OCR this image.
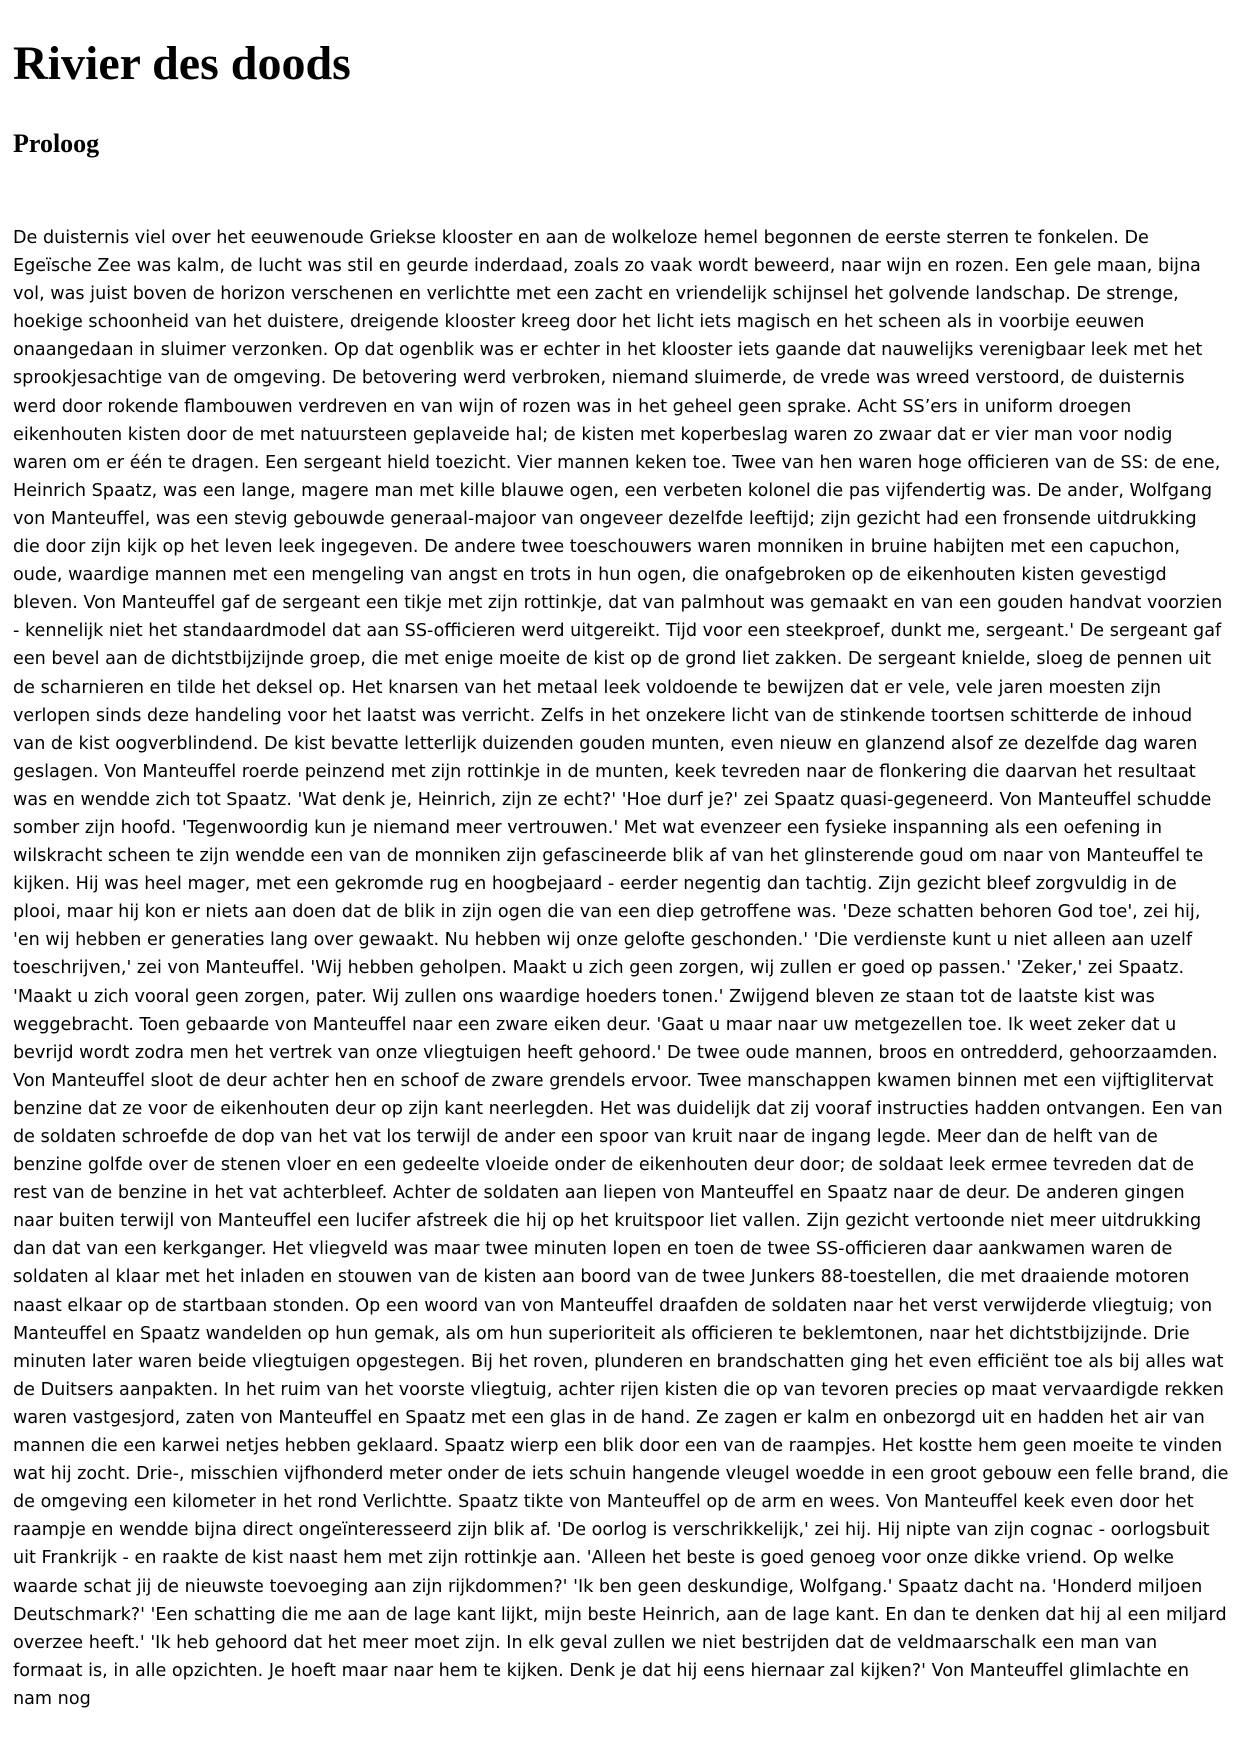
Rivier des doods
Proloog

De duisternis viel over het eeuwenoude Griekse klooster en aan de wolkeloze hemel begonnen de eerste sterren te fonkelen. De Egeïsche Zee was kalm, de lucht was stil en geurde inderdaad, zoals zo vaak wordt beweerd, naar wijn en rozen. Een gele maan, bijna vol, was juist boven de horizon verschenen en verlichtte met een zacht en vriendelijk schijnsel het golvende landschap. De strenge, hoekige schoonheid van het duistere, dreigende klooster kreeg door het licht iets magisch en het scheen als in voorbije eeuwen onaangedaan in sluimer verzonken. Op dat ogenblik was er echter in het klooster iets gaande dat nauwelijks verenigbaar leek met het sprookjesachtige van de omgeving. De betovering werd verbroken, niemand sluimerde, de vrede was wreed verstoord, de duisternis werd door rokende flambouwen verdreven en van wijn of rozen was in het geheel geen sprake. Acht SS’ers in uniform droegen eikenhouten kisten door de met natuursteen geplaveide hal; de kisten met koperbeslag waren zo zwaar dat er vier man voor nodig waren om er één te dragen. Een sergeant hield toezicht. Vier mannen keken toe. Twee van hen waren hoge officieren van de SS: de ene, Heinrich Spaatz, was een lange, magere man met kille blauwe ogen, een verbeten kolonel die pas vijfendertig was. De ander, Wolfgang von Manteuffel, was een stevig gebouwde generaal-majoor van ongeveer dezelfde leeftijd; zijn gezicht had een fronsende uitdrukking die door zijn kijk op het leven leek ingegeven. De andere twee toeschouwers waren monniken in bruine habijten met een capuchon, oude, waardige mannen met een mengeling van angst en trots in hun ogen, die onafgebroken op de eikenhouten kisten gevestigd bleven. Von Manteuffel gaf de sergeant een tikje met zijn rottinkje, dat van palmhout was gemaakt en van een gouden handvat voorzien - kennelijk niet het standaardmodel dat aan SS-officieren werd uitgereikt. Tijd voor een steekproef, dunkt me, sergeant.' De sergeant gaf een bevel aan de dichtstbijzijnde groep, die met enige moeite de kist op de grond liet zakken. De sergeant knielde, sloeg de pennen uit de scharnieren en tilde het deksel op. Het knarsen van het metaal leek voldoende te bewijzen dat er vele, vele jaren moesten zijn verlopen sinds deze handeling voor het laatst was verricht. Zelfs in het onzekere licht van de stinkende toortsen schitterde de inhoud van de kist oogverblindend. De kist bevatte letterlijk duizenden gouden munten, even nieuw en glanzend alsof ze dezelfde dag waren geslagen. Von Manteuffel roerde peinzend met zijn rottinkje in de munten, keek tevreden naar de flonkering die daarvan het resultaat was en wendde zich tot Spaatz. 'Wat denk je, Heinrich, zijn ze echt?' 'Hoe durf je?' zei Spaatz quasi-gegeneerd. Von Manteuffel schudde somber zijn hoofd. 'Tegenwoordig kun je niemand meer vertrouwen.' Met wat evenzeer een fysieke inspanning als een oefening in wilskracht scheen te zijn wendde een van de monniken zijn gefascineerde blik af van het glinsterende goud om naar von Manteuffel te kijken. Hij was heel mager, met een gekromde rug en hoogbejaard - eerder negentig dan tachtig. Zijn gezicht bleef zorgvuldig in de plooi, maar hij kon er niets aan doen dat de blik in zijn ogen die van een diep getroffene was. 'Deze schatten behoren God toe', zei hij, 'en wij hebben er generaties lang over gewaakt. Nu hebben wij onze gelofte geschonden.' 'Die verdienste kunt u niet alleen aan uzelf toeschrijven,' zei von Manteuffel. 'Wij hebben geholpen. Maakt u zich geen zorgen, wij zullen er goed op passen.' 'Zeker,' zei Spaatz. 'Maakt u zich vooral geen zorgen, pater. Wij zullen ons waardige hoeders tonen.' Zwijgend bleven ze staan tot de laatste kist was weggebracht. Toen gebaarde von Manteuffel naar een zware eiken deur. 'Gaat u maar naar uw metgezellen toe. Ik weet zeker dat u bevrijd wordt zodra men het vertrek van onze vliegtuigen heeft gehoord.' De twee oude mannen, broos en ontredderd, gehoorzaamden. Von Manteuffel sloot de deur achter hen en schoof de zware grendels ervoor. Twee manschappen kwamen binnen met een vijftiglitervat benzine dat ze voor de eikenhouten deur op zijn kant neerlegden. Het was duidelijk dat zij vooraf instructies hadden ontvangen. Een van de soldaten schroefde de dop van het vat los terwijl de ander een spoor van kruit naar de ingang legde. Meer dan de helft van de benzine golfde over de stenen vloer en een gedeelte vloeide onder de eikenhouten deur door; de soldaat leek ermee tevreden dat de rest van de benzine in het vat achterbleef. Achter de soldaten aan liepen von Manteuffel en Spaatz naar de deur. De anderen gingen naar buiten terwijl von Manteuffel een lucifer afstreek die hij op het kruitspoor liet vallen. Zijn gezicht vertoonde niet meer uitdrukking dan dat van een kerkganger. Het vliegveld was maar twee minuten lopen en toen de twee SS-officieren daar aankwamen waren de soldaten al klaar met het inladen en stouwen van de kisten aan boord van de twee Junkers 88-toestellen, die met draaiende motoren naast elkaar op de startbaan stonden. Op een woord van von Manteuffel draafden de soldaten naar het verst verwijderde vliegtuig; von Manteuffel en Spaatz wandelden op hun gemak, als om hun superioriteit als officieren te beklemtonen, naar het dichtstbijzijnde. Drie minuten later waren beide vliegtuigen opgestegen. Bij het roven, plunderen en brandschatten ging het even efficiënt toe als bij alles wat de Duitsers aanpakten. In het ruim van het voorste vliegtuig, achter rijen kisten die op van tevoren precies op maat vervaardigde rekken waren vastgesjord, zaten von Manteuffel en Spaatz met een glas in de hand. Ze zagen er kalm en onbezorgd uit en hadden het air van mannen die een karwei netjes hebben geklaard. Spaatz wierp een blik door een van de raampjes. Het kostte hem geen moeite te vinden wat hij zocht. Drie-, misschien vijfhonderd meter onder de iets schuin hangende vleugel woedde in een groot gebouw een felle brand, die de omgeving een kilometer in het rond Verlichtte. Spaatz tikte von Manteuffel op de arm en wees. Von Manteuffel keek even door het raampje en wendde bijna direct ongeïnteresseerd zijn blik af. 'De oorlog is verschrikkelijk,' zei hij. Hij nipte van zijn cognac - oorlogsbuit uit Frankrijk - en raakte de kist naast hem met zijn rottinkje aan. 'Alleen het beste is goed genoeg voor onze dikke vriend. Op welke waarde schat jij de nieuwste toevoeging aan zijn rijkdommen?' 'Ik ben geen deskundige, Wolfgang.' Spaatz dacht na. 'Honderd miljoen Deutschmark?' 'Een schatting die me aan de lage kant lijkt, mijn beste Heinrich, aan de lage kant. En dan te denken dat hij al een miljard overzee heeft.' 'Ik heb gehoord dat het meer moet zijn. In elk geval zullen we niet bestrijden dat de veldmaarschalk een man van formaat is, in alle opzichten. Je hoeft maar naar hem te kijken. Denk je dat hij eens hiernaar zal kijken?' Von Manteuffel glimlachte en nam nog
